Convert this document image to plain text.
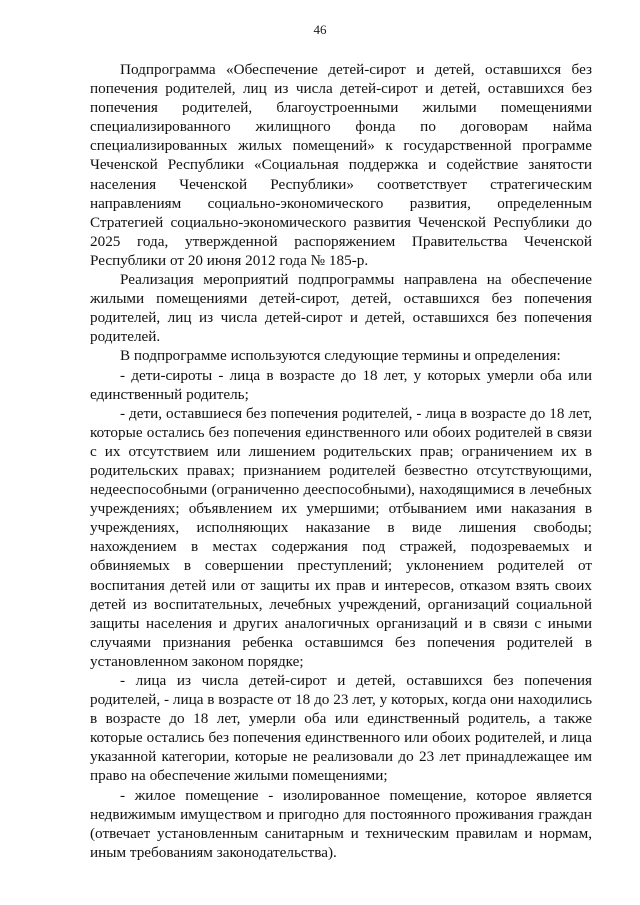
46

Подпрограмма «Обеспечение детей-сирот и детей, оставшихся без попечения родителей, лиц из числа детей-сирот и детей, оставшихся без попечения родителей, благоустроенными жилыми помещениями специализированного жилищного фонда по договорам найма специализированных жилых помещений» к государственной программе Чеченской Республики «Социальная поддержка и содействие занятости населения Чеченской Республики» соответствует стратегическим направлениям социально-экономического развития, определенным Стратегией социально-экономического развития Чеченской Республики до 2025 года, утвержденной распоряжением Правительства Чеченской Республики от 20 июня 2012 года № 185-р.

Реализация мероприятий подпрограммы направлена на обеспечение жилыми помещениями детей-сирот, детей, оставшихся без попечения родителей, лиц из числа детей-сирот и детей, оставшихся без попечения родителей.

В подпрограмме используются следующие термины и определения:

- дети-сироты - лица в возрасте до 18 лет, у которых умерли оба или единственный родитель;

- дети, оставшиеся без попечения родителей, - лица в возрасте до 18 лет, которые остались без попечения единственного или обоих родителей в связи с их отсутствием или лишением родительских прав; ограничением их в родительских правах; признанием родителей безвестно отсутствующими, недееспособными (ограниченно дееспособными), находящимися в лечебных учреждениях; объявлением их умершими; отбыванием ими наказания в учреждениях, исполняющих наказание в виде лишения свободы; нахождением в местах содержания под стражей, подозреваемых и обвиняемых в совершении преступлений; уклонением родителей от воспитания детей или от защиты их прав и интересов, отказом взять своих детей из воспитательных, лечебных учреждений, организаций социальной защиты населения и других аналогичных организаций и в связи с иными случаями признания ребенка оставшимся без попечения родителей в установленном законом порядке;

- лица из числа детей-сирот и детей, оставшихся без попечения родителей, - лица в возрасте от 18 до 23 лет, у которых, когда они находились в возрасте до 18 лет, умерли оба или единственный родитель, а также которые остались без попечения единственного или обоих родителей, и лица указанной категории, которые не реализовали до 23 лет принадлежащее им право на обеспечение жилыми помещениями;

- жилое помещение - изолированное помещение, которое является недвижимым имуществом и пригодно для постоянного проживания граждан (отвечает установленным санитарным и техническим правилам и нормам, иным требованиям законодательства).
